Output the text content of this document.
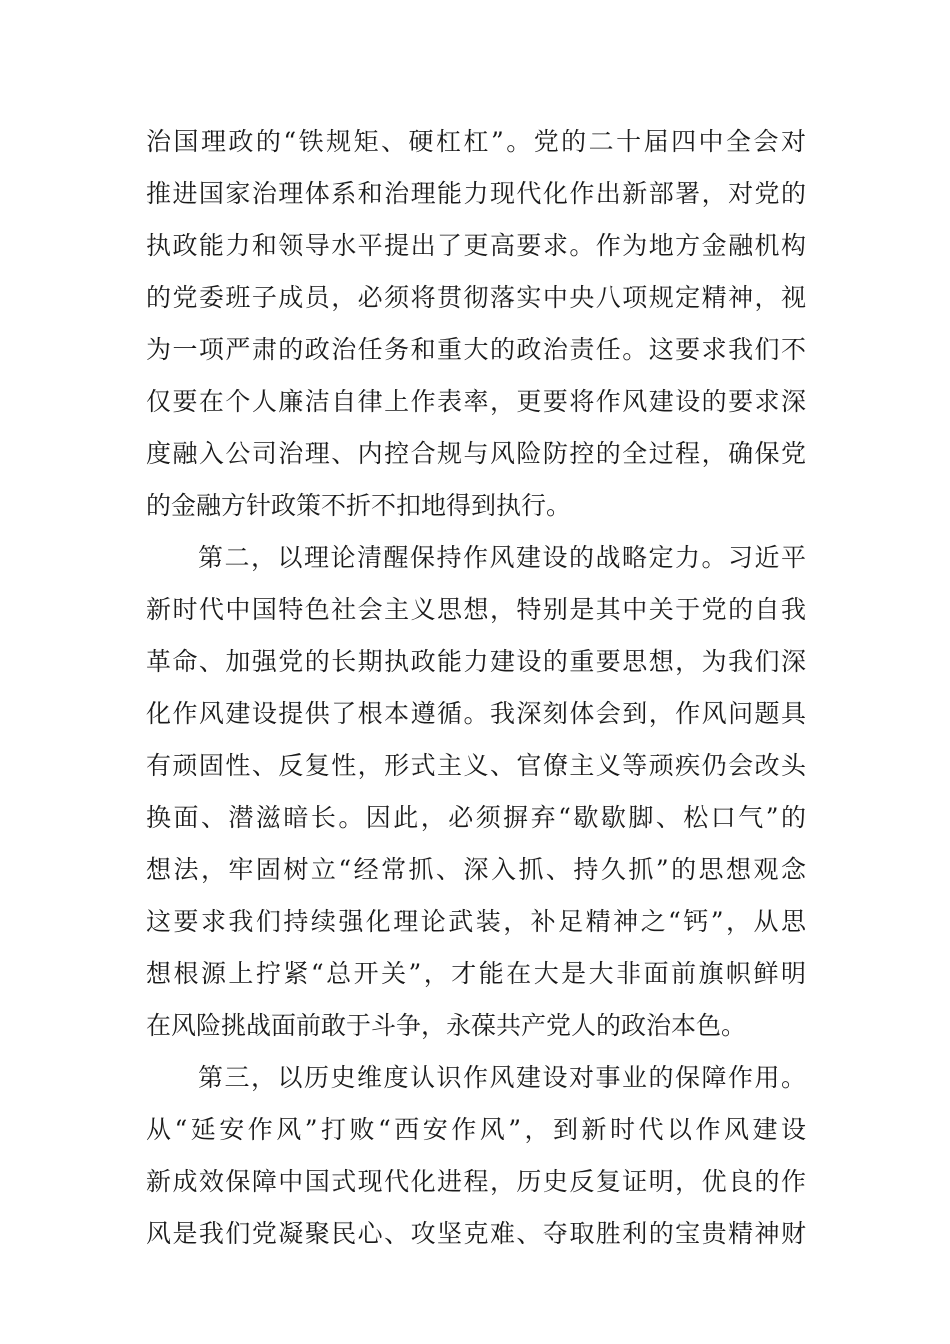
治国理政的“铁规矩、硬杠杠”。党的二十届四中全会对
推进国家治理体系和治理能力现代化作出新部署，对党的
执政能力和领导水平提出了更高要求。作为地方金融机构
的党委班子成员，必须将贯彻落实中央八项规定精神，视
为一项严肃的政治任务和重大的政治责任。这要求我们不
仅要在个人廉洁自律上作表率，更要将作风建设的要求深
度融入公司治理、内控合规与风险防控的全过程，确保党
的金融方针政策不折不扣地得到执行。
第二，以理论清醒保持作风建设的战略定力。习近平
新时代中国特色社会主义思想，特别是其中关于党的自我
革命、加强党的长期执政能力建设的重要思想，为我们深
化作风建设提供了根本遵循。我深刻体会到，作风问题具
有顽固性、反复性，形式主义、官僚主义等顽疾仍会改头
换面、潜滋暗长。因此，必须摒弃“歇歇脚、松口气”的
想法，牢固树立“经常抓、深入抓、持久抓”的思想观念
这要求我们持续强化理论武装，补足精神之“钙”，从思
想根源上拧紧“总开关”，才能在大是大非面前旗帜鲜明
在风险挑战面前敢于斗争，永葆共产党人的政治本色。
第三，以历史维度认识作风建设对事业的保障作用。
从“延安作风”打败“西安作风”，到新时代以作风建设
新成效保障中国式现代化进程，历史反复证明，优良的作
风是我们党凝聚民心、攻坚克难、夺取胜利的宝贵精神财
